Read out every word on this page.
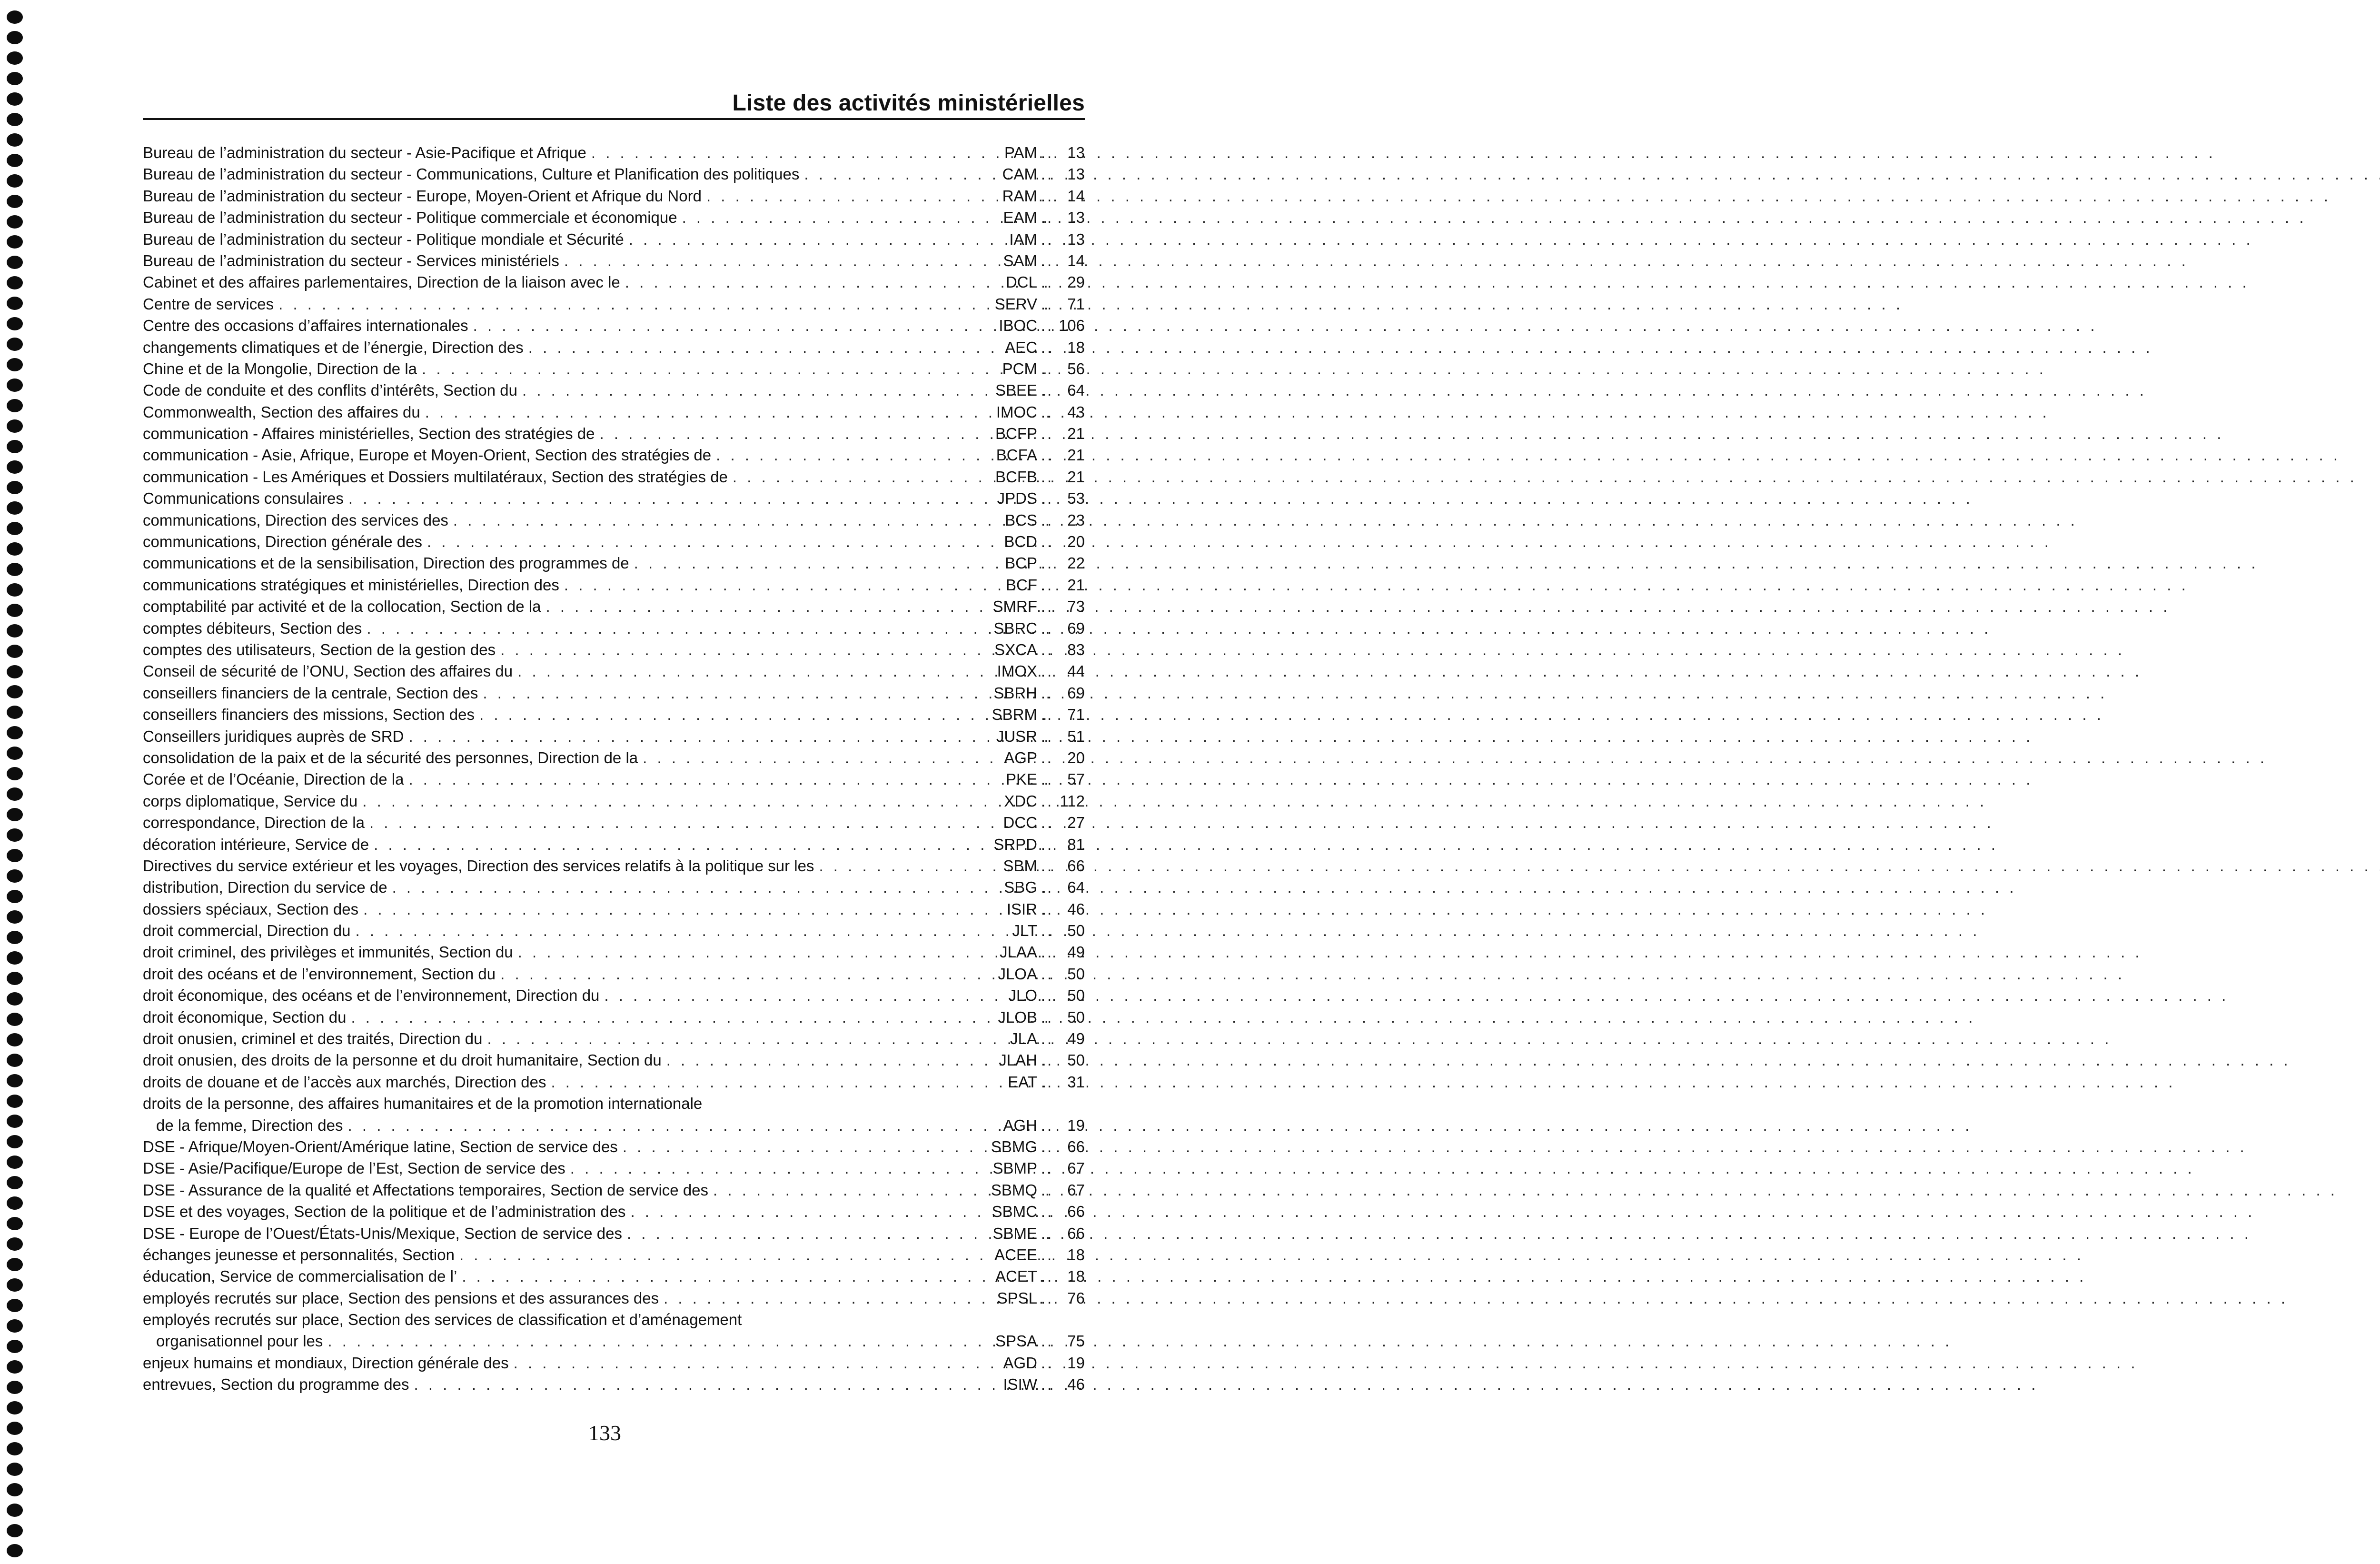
Liste des activités ministérielles
Bureau de l’administration du secteur - Asie-Pacifique et Afrique . . .	PAM .. 13
Bureau de l’administration du secteur - Communications, Culture et Planification des politiques . . .	CAM .. 13
Bureau de l’administration du secteur - Europe, Moyen-Orient et Afrique du Nord . . .	RAM .. 14
Bureau de l’administration du secteur - Politique commerciale et économique . . .	EAM .. 13
Bureau de l’administration du secteur - Politique mondiale et Sécurité . . .	IAM .. 13
Bureau de l’administration du secteur - Services ministériels . . .	SAM .. 14
Cabinet et des affaires parlementaires, Direction de la liaison avec le . . .	DCL .. 29
Centre de services . . .	SERV .. 71
Centre des occasions d’affaires internationales . . .	IBOC .. 106
changements climatiques et de l’énergie, Direction des . . .	AEC .. 18
Chine et de la Mongolie, Direction de la . . .	PCM .. 56
Code de conduite et des conflits d’intérêts, Section du . . .	SBEE .. 64
Commonwealth, Section des affaires du . . .	IMOC .. 43
communication - Affaires ministérielles, Section des stratégies de . . .	BCFP .. 21
communication - Asie, Afrique, Europe et Moyen-Orient, Section des stratégies de . . .	BCFA .. 21
communication - Les Amériques et Dossiers multilatéraux, Section des stratégies de . . .	BCFB .. 21
Communications consulaires . . .	JPDS .. 53
communications, Direction des services des . . .	BCS .. 23
communications, Direction générale des . . .	BCD .. 20
communications et de la sensibilisation, Direction des programmes de . . .	BCP .. 22
communications stratégiques et ministérielles, Direction des . . .	BCF .. 21
comptabilité par activité et de la collocation, Section de la . . .	SMRF .. 73
comptes débiteurs, Section des . . .	SBRC .. 69
comptes des utilisateurs, Section de la gestion des . . .	SXCA .. 83
Conseil de sécurité de l’ONU, Section des affaires du . . .	IMOX .. 44
conseillers financiers de la centrale, Section des . . .	SBRH .. 69
conseillers financiers des missions, Section des . . .	SBRM .. 71
Conseillers juridiques auprès de SRD . . .	JUSR .. 51
consolidation de la paix et de la sécurité des personnes, Direction de la . . .	AGP .. 20
Corée et de l’Océanie, Direction de la . . .	PKE .. 57
corps diplomatique, Service du . . .	XDC .. 112
correspondance, Direction de la . . .	DCC .. 27
décoration intérieure, Service de . . .	SRPD .. 81
Directives du service extérieur et les voyages, Direction des services relatifs à la politique sur les . . .	SBM .. 66
distribution, Direction du service de . . .	SBG .. 64
dossiers spéciaux, Section des . . .	ISIR .. 46
droit commercial, Direction du . . .	JLT .. 50
droit criminel, des privilèges et immunités, Section du . . .	JLAA .. 49
droit des océans et de l’environnement, Section du . . .	JLOA .. 50
droit économique, des océans et de l’environnement, Direction du . . .	JLO .. 50
droit économique, Section du . . .	JLOB .. 50
droit onusien, criminel et des traités, Direction du . . .	JLA .. 49
droit onusien, des droits de la personne et du droit humanitaire, Section du . . .	JLAH .. 50
droits de douane et de l’accès aux marchés, Direction des . . .	EAT .. 31
droits de la personne, des affaires humanitaires et de la promotion internationale
de la femme, Direction des . . .	AGH .. 19
DSE - Afrique/Moyen-Orient/Amérique latine, Section de service des . . .	SBMG .. 66
DSE - Asie/Pacifique/Europe de l’Est, Section de service des . . .	SBMP .. 67
DSE - Assurance de la qualité et Affectations temporaires, Section de service des . . .	SBMQ .. 67
DSE et des voyages, Section de la politique et de l’administration des . . .	SBMC .. 66
DSE - Europe de l’Ouest/États-Unis/Mexique, Section de service des . . .	SBME .. 66
échanges jeunesse et personnalités, Section . . .	ACEE .. 18
éducation, Service de commercialisation de l’ . . .	ACET .. 18
employés recrutés sur place, Section des pensions et des assurances des . . .	SPSL .. 76
employés recrutés sur place, Section des services de classification et d’aménagement
organisationnel pour les . . .	SPSA .. 75
enjeux humains et mondiaux, Direction générale des . . .	AGD .. 19
entrevues, Section du programme des . . .	ISIW .. 46
133
